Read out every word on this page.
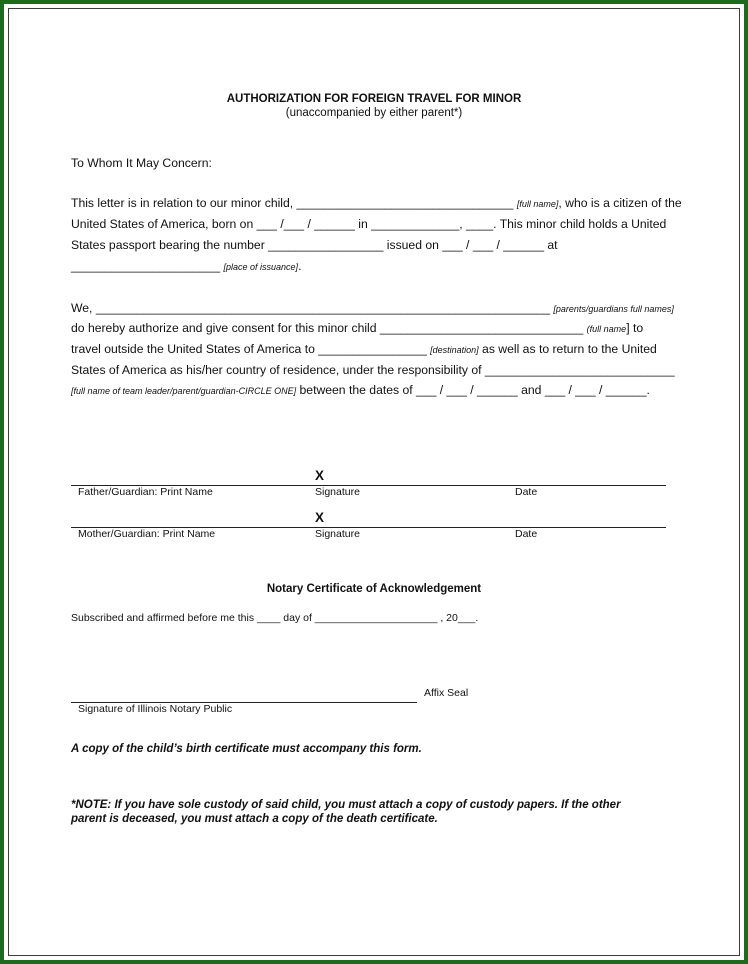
AUTHORIZATION FOR FOREIGN TRAVEL FOR MINOR
(unaccompanied by either parent*)
To Whom It May Concern:
This letter is in relation to our minor child, ________________________________ [full name], who is a citizen of the
United States of America, born on ___ /___ / ______ in _____________, ____. This minor child holds a United
States passport bearing the number _________________ issued on ___ / ___ / ______ at
______________________ [place of issuance].
We, ___________________________________________________________________ [parents/guardians full names]
do hereby authorize and give consent for this minor child ______________________________ (full name] to
travel outside the United States of America to ________________ [destination] as well as to return to the United
States of America as his/her country of residence, under the responsibility of ____________________________
[full name of team leader/parent/guardian-CIRCLE ONE] between the dates of ___ / ___ / ______ and ___ / ___ / ______.
X
Father/Guardian: Print Name	Signature	Date
X
Mother/Guardian: Print Name	Signature	Date
Notary Certificate of Acknowledgement
Subscribed and affirmed before me this ____ day of _____________________ , 20___.
Affix Seal
Signature of Illinois Notary Public
A copy of the child’s birth certificate must accompany this form.
*NOTE: If you have sole custody of said child, you must attach a copy of custody papers. If the other
parent is deceased, you must attach a copy of the death certificate.
